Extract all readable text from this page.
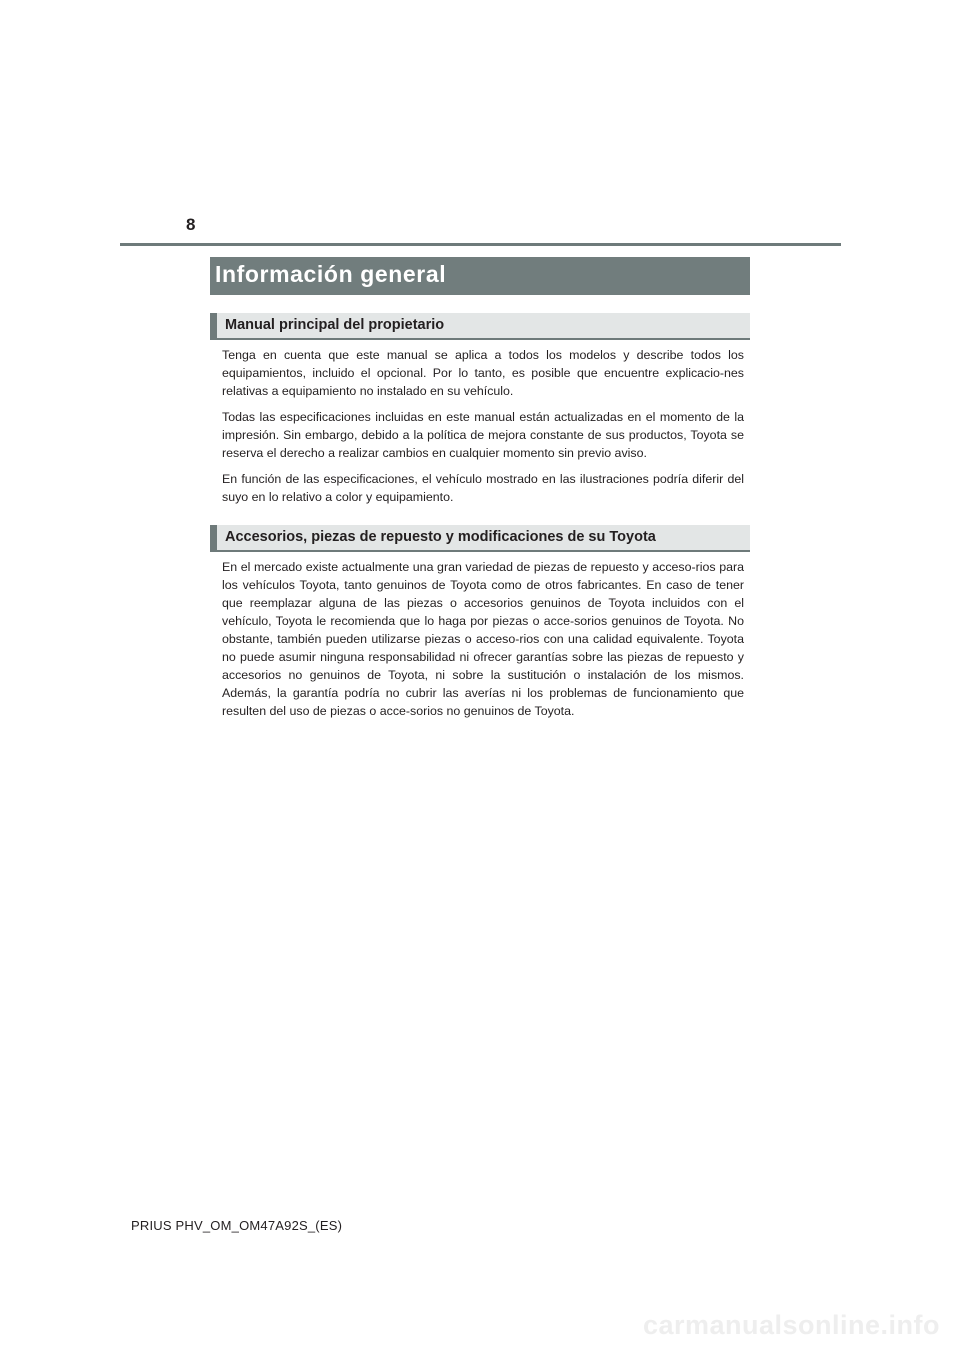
8
Información general
Manual principal del propietario

Tenga en cuenta que este manual se aplica a todos los modelos y describe todos los equipamientos, incluido el opcional. Por lo tanto, es posible que encuentre explicacio-nes relativas a equipamiento no instalado en su vehículo.

Todas las especificaciones incluidas en este manual están actualizadas en el momento de la impresión. Sin embargo, debido a la política de mejora constante de sus productos, Toyota se reserva el derecho a realizar cambios en cualquier momento sin previo aviso.

En función de las especificaciones, el vehículo mostrado en las ilustraciones podría diferir del suyo en lo relativo a color y equipamiento.

Accesorios, piezas de repuesto y modificaciones de su Toyota

En el mercado existe actualmente una gran variedad de piezas de repuesto y acceso-rios para los vehículos Toyota, tanto genuinos de Toyota como de otros fabricantes. En caso de tener que reemplazar alguna de las piezas o accesorios genuinos de Toyota incluidos con el vehículo, Toyota le recomienda que lo haga por piezas o acce-sorios genuinos de Toyota. No obstante, también pueden utilizarse piezas o acceso-rios con una calidad equivalente. Toyota no puede asumir ninguna responsabilidad ni ofrecer garantías sobre las piezas de repuesto y accesorios no genuinos de Toyota, ni sobre la sustitución o instalación de los mismos. Además, la garantía podría no cubrir las averías ni los problemas de funcionamiento que resulten del uso de piezas o acce-sorios no genuinos de Toyota.

PRIUS PHV_OM_OM47A92S_(ES)
carmanualsonline.info
